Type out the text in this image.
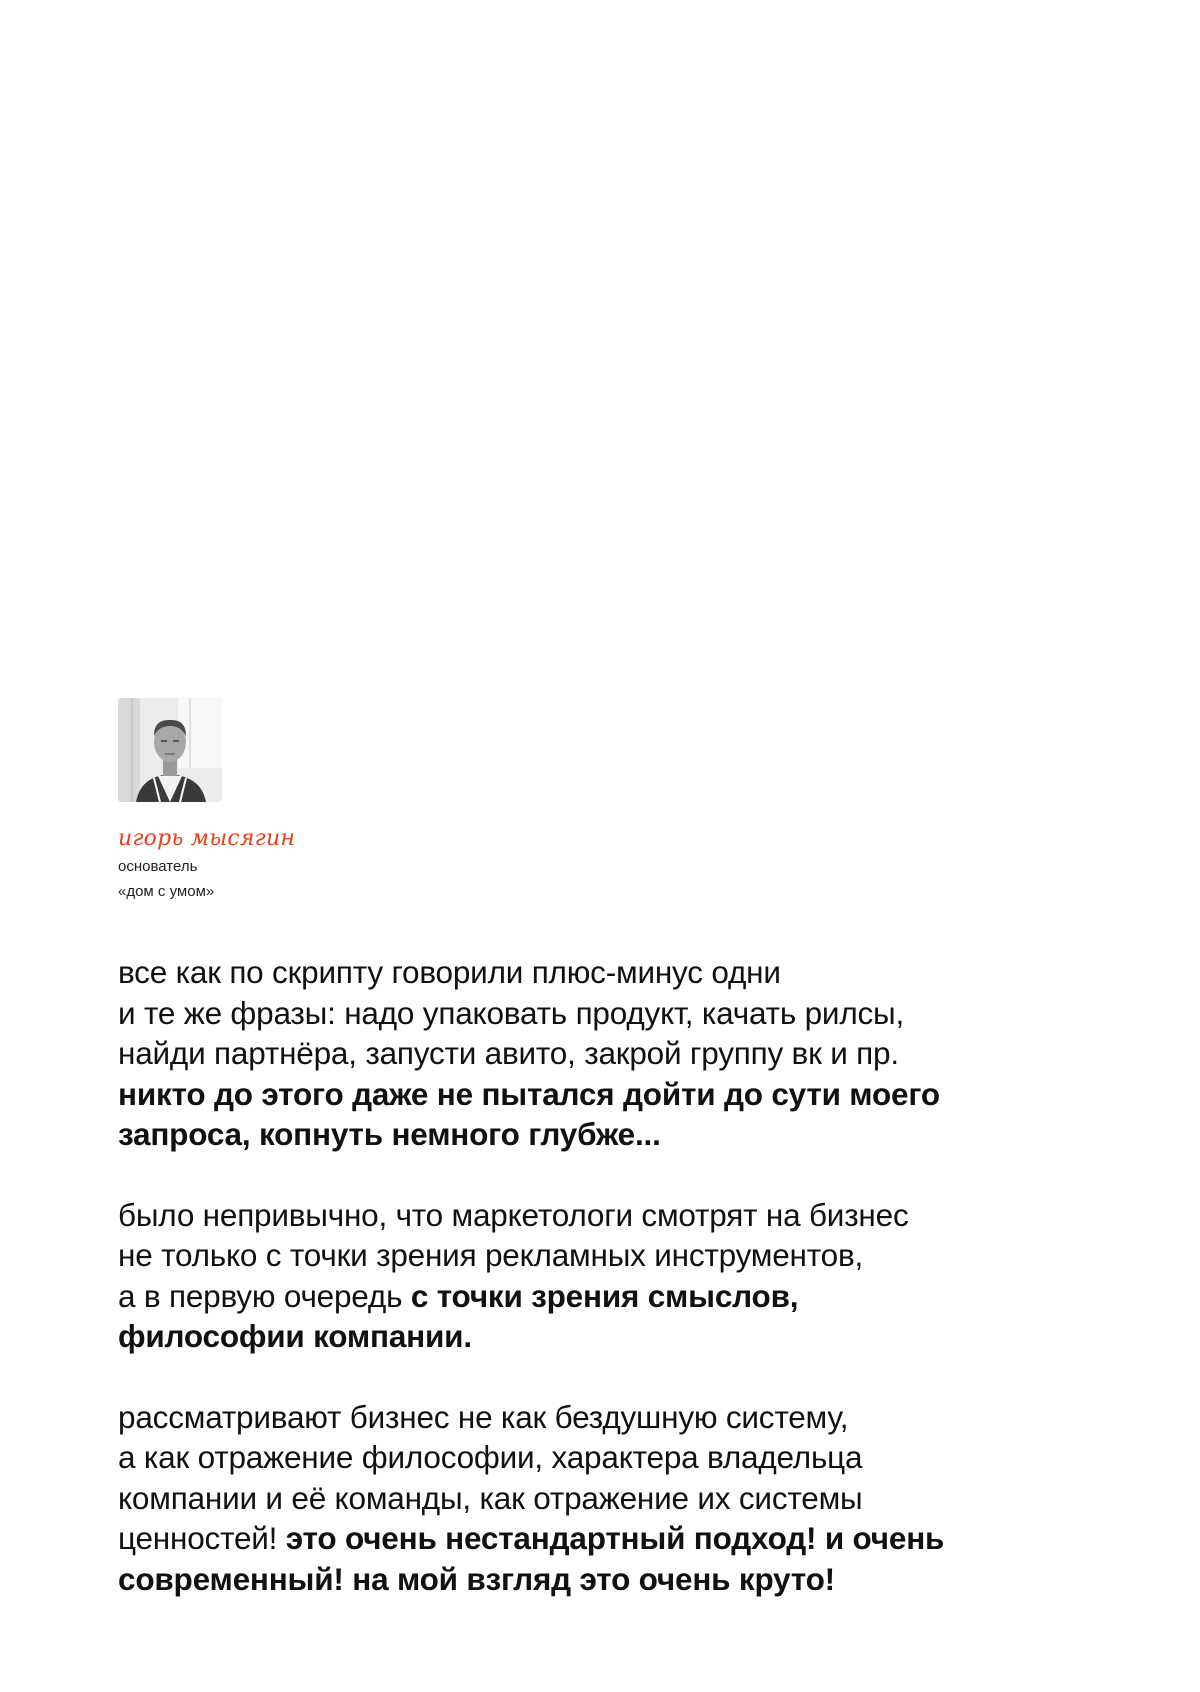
игорь мысягин
основатель
«дом с умом»

все как по скрипту говорили плюс-минус одни
и те же фразы: надо упаковать продукт, качать рилсы,
найди партнёра, запусти авито, закрой группу вк и пр.
никто до этого даже не пытался дойти до сути моего
запроса, копнуть немного глубже...

было непривычно, что маркетологи смотрят на бизнес
не только с точки зрения рекламных инструментов,
а в первую очередь с точки зрения смыслов,
философии компании.

рассматривают бизнес не как бездушную систему,
а как отражение философии, характера владельца
компании и её команды, как отражение их системы
ценностей! это очень нестандартный подход! и очень
современный! на мой взгляд это очень круто!
